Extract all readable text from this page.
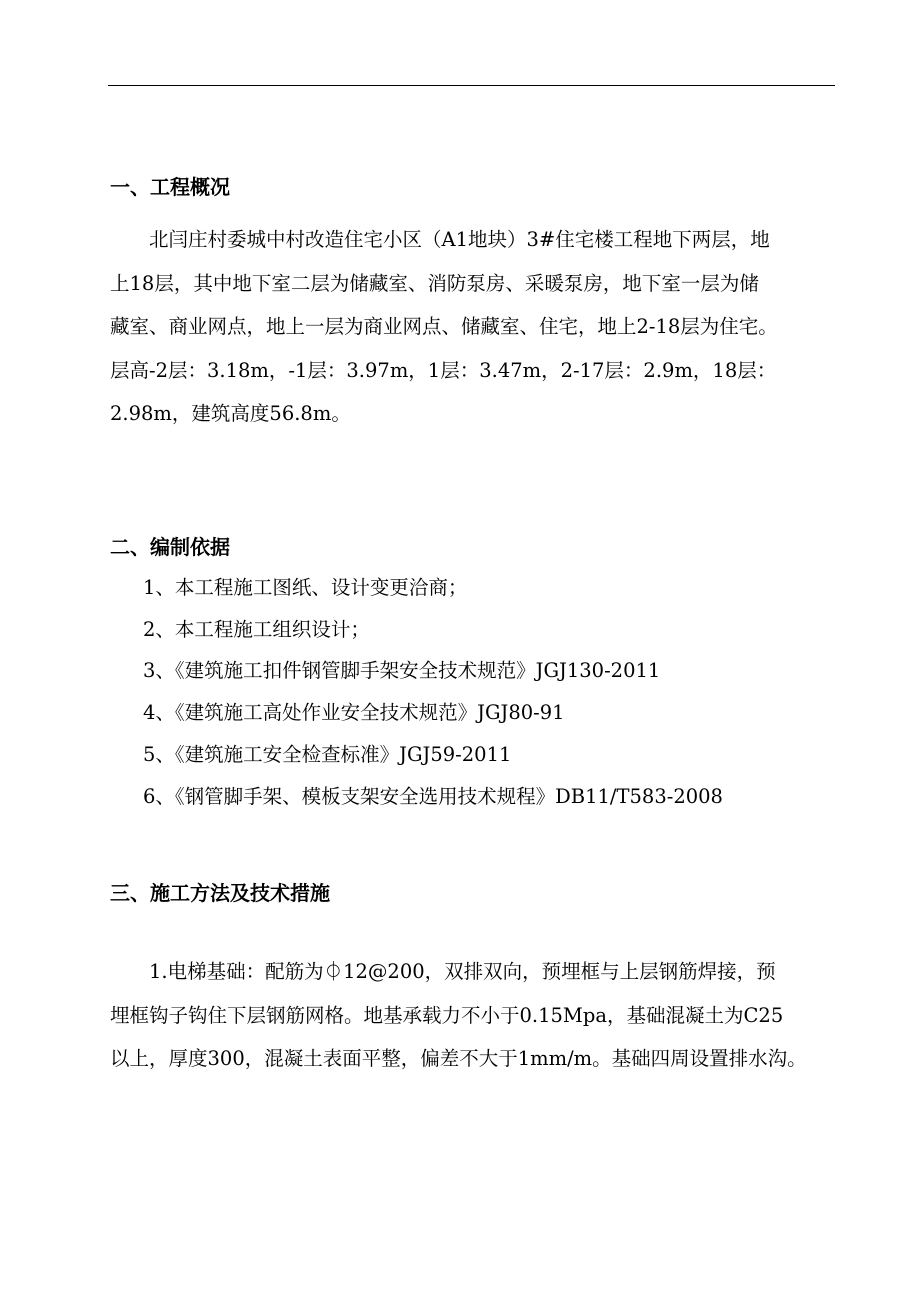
一、工程概况
　　北闫庄村委城中村改造住宅小区（A1地块）3#住宅楼工程地下两层，地
上18层，其中地下室二层为储藏室、消防泵房、采暖泵房，地下室一层为储
藏室、商业网点，地上一层为商业网点、储藏室、住宅，地上2-18层为住宅。
层高-2层：3.18m，-1层：3.97m，1层：3.47m，2-17层：2.9m，18层：
2.98m，建筑高度56.8m。
二、编制依据
1、本工程施工图纸、设计变更洽商；
2、本工程施工组织设计；
3、《建筑施工扣件钢管脚手架安全技术规范》JGJ130-2011
4、《建筑施工高处作业安全技术规范》JGJ80-91
5、《建筑施工安全检查标准》JGJ59-2011
6、《钢管脚手架、模板支架安全选用技术规程》DB11/T583-2008
三、施工方法及技术措施
　　1.电梯基础：配筋为⏀12@200，双排双向，预埋框与上层钢筋焊接，预
埋框钩子钩住下层钢筋网格。地基承载力不小于0.15Mpa，基础混凝土为C25
以上，厚度300，混凝土表面平整，偏差不大于1mm/m。基础四周设置排水沟。
